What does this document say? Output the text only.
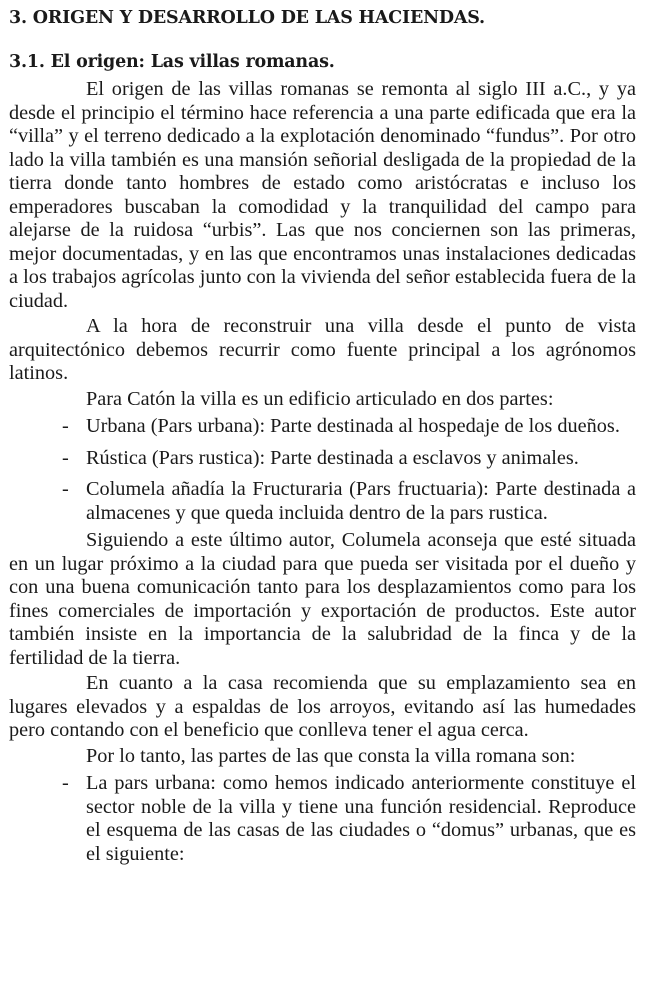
3. ORIGEN Y DESARROLLO DE LAS HACIENDAS.
3.1. El origen: Las villas romanas.

El origen de las villas romanas se remonta al siglo III a.C., y ya desde el principio el término hace referencia a una parte edificada que era la “villa” y el terreno dedicado a la explotación denominado “fundus”. Por otro lado la villa también es una mansión señorial desligada de la propiedad de la tierra donde tanto hombres de estado como aristócratas e incluso los emperadores buscaban la comodidad y la tranquilidad del campo para alejarse de la ruidosa “urbis”. Las que nos conciernen son las primeras, mejor documentadas, y en las que encontramos unas instalaciones dedicadas a los trabajos agrícolas junto con la vivienda del señor establecida fuera de la ciudad.

A la hora de reconstruir una villa desde el punto de vista arquitectónico debemos recurrir como fuente principal a los agrónomos latinos.

Para Catón la villa es un edificio articulado en dos partes:

- Urbana (Pars urbana): Parte destinada al hospedaje de los dueños.
- Rústica (Pars rustica): Parte destinada a esclavos y animales.
- Columela añadía la Fructuraria (Pars fructuaria): Parte destinada a almacenes y que queda incluida dentro de la pars rustica.

Siguiendo a este último autor, Columela aconseja que esté situada en un lugar próximo a la ciudad para que pueda ser visitada por el dueño y con una buena comunicación tanto para los desplazamientos como para los fines comerciales de importación y exportación de productos. Este autor también insiste en la importancia de la salubridad de la finca y de la fertilidad de la tierra.

En cuanto a la casa recomienda que su emplazamiento sea en lugares elevados y a espaldas de los arroyos, evitando así las humedades pero contando con el beneficio que conlleva tener el agua cerca.

Por lo tanto, las partes de las que consta la villa romana son:

- La pars urbana: como hemos indicado anteriormente constituye el sector noble de la villa y tiene una función residencial. Reproduce el esquema de las casas de las ciudades o “domus” urbanas, que es el siguiente:
